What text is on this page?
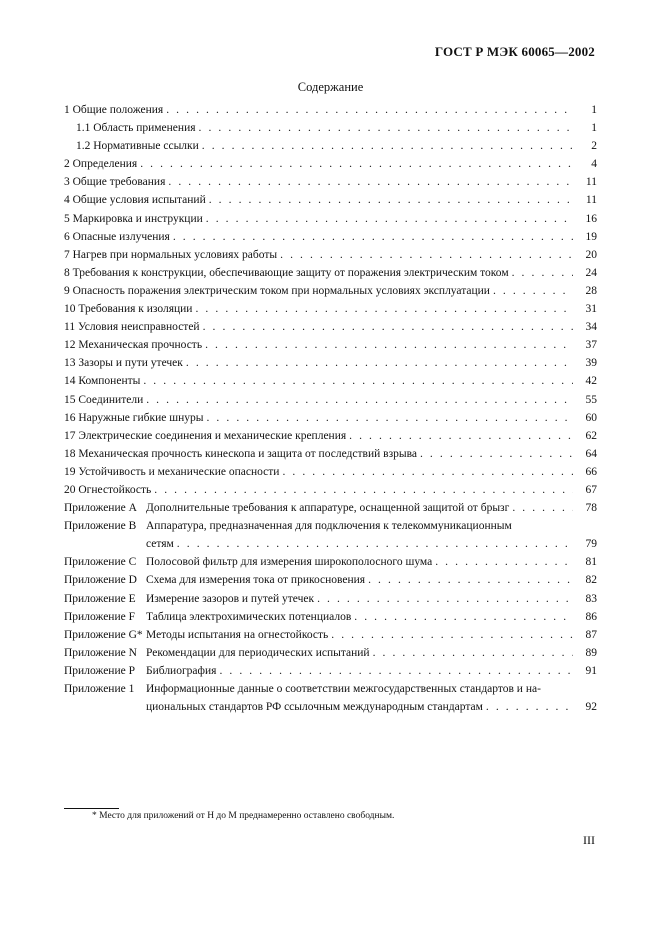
ГОСТ Р МЭК 60065—2002
Содержание
1 Общие положения . . .	1
1.1 Область применения . . .	1
1.2 Нормативные ссылки . . .	2
2 Определения . . .	4
3 Общие требования . . .	11
4 Общие условия испытаний . . .	11
5 Маркировка и инструкции . . .	16
6 Опасные излучения . . .	19
7 Нагрев при нормальных условиях работы . . .	20
8 Требования к конструкции, обеспечивающие защиту от поражения электрическим током . . .	24
9 Опасность поражения электрическим током при нормальных условиях эксплуатации . . .	28
10 Требования к изоляции . . .	31
11 Условия неисправностей . . .	34
12 Механическая прочность . . .	37
13 Зазоры и пути утечек . . .	39
14 Компоненты . . .	42
15 Соединители . . .	55
16 Наружные гибкие шнуры . . .	60
17 Электрические соединения и механические крепления . . .	62
18 Механическая прочность кинескопа и защита от последствий взрыва . . .	64
19 Устойчивость и механические опасности . . .	66
20 Огнестойкость . . .	67
Приложение A Дополнительные требования к аппаратуре, оснащенной защитой от брызг . . .	78
Приложение B Аппаратура, предназначенная для подключения к телекоммуникационным
сетям . . .	79
Приложение C Полосовой фильтр для измерения широкополосного шума . . .	81
Приложение D Схема для измерения тока от прикосновения . . .	82
Приложение E Измерение зазоров и путей утечек . . .	83
Приложение F Таблица электрохимических потенциалов . . .	86
Приложение G* Методы испытания на огнестойкость . . .	87
Приложение N Рекомендации для периодических испытаний . . .	89
Приложение P Библиография . . .	91
Приложение 1	Информационные данные о соответствии межгосударственных стандартов и на-
циональных стандартов РФ ссылочным международным стандартам . . .	92
* Место для приложений от H до M преднамеренно оставлено свободным.
III
